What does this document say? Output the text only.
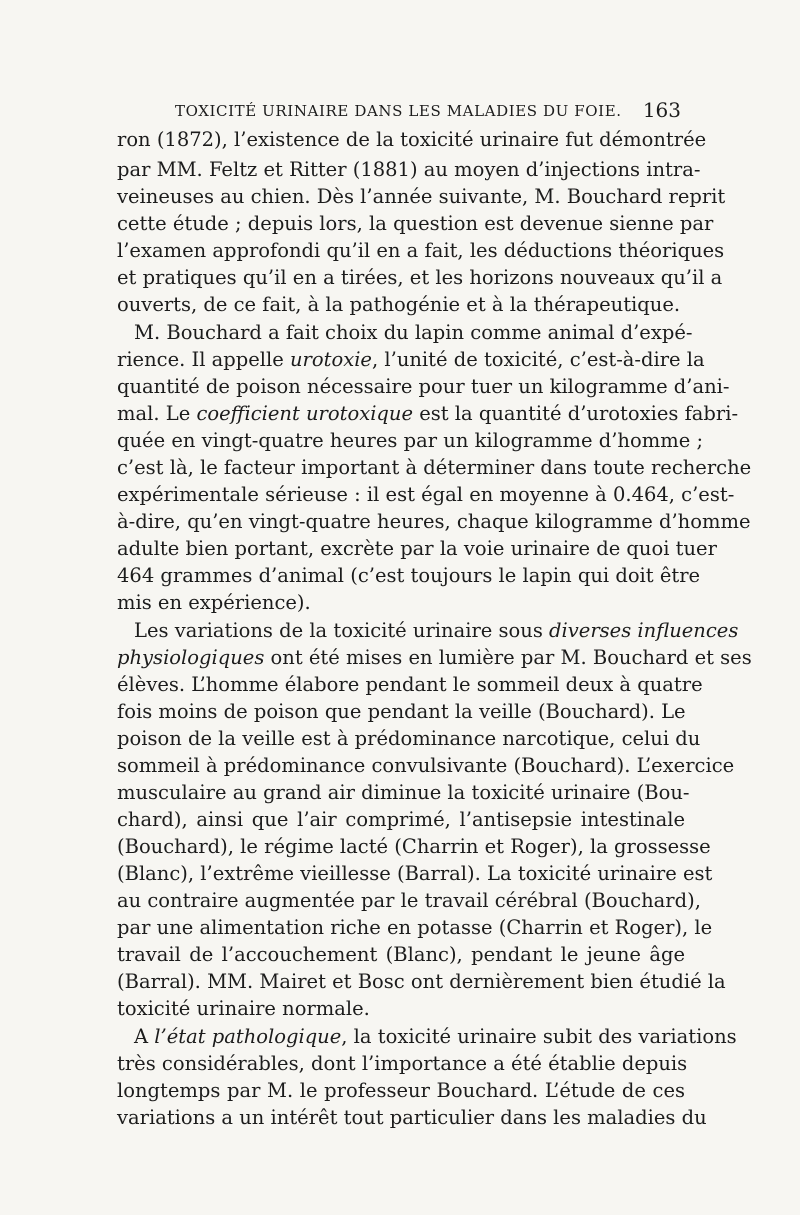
TOXICITÉ URINAIRE DANS LES MALADIES DU FOIE. 163
ron (1872), l’existence de la toxicité urinaire fut démontrée
par MM. Feltz et Ritter (1881) au moyen d’injections intra-
veineuses au chien. Dès l’année suivante, M. Bouchard reprit
cette étude ; depuis lors, la question est devenue sienne par
l’examen approfondi qu’il en a fait, les déductions théoriques
et pratiques qu’il en a tirées, et les horizons nouveaux qu’il a
ouverts, de ce fait, à la pathogénie et à la thérapeutique.
M. Bouchard a fait choix du lapin comme animal d’expé-
rience. Il appelle urotoxie, l’unité de toxicité, c’est-à-dire la
quantité de poison nécessaire pour tuer un kilogramme d’ani-
mal. Le coefficient urotoxique est la quantité d’urotoxies fabri-
quée en vingt-quatre heures par un kilogramme d’homme ;
c’est là, le facteur important à déterminer dans toute recherche
expérimentale sérieuse : il est égal en moyenne à 0.464, c’est-
à-dire, qu’en vingt-quatre heures, chaque kilogramme d’homme
adulte bien portant, excrète par la voie urinaire de quoi tuer
464 grammes d’animal (c’est toujours le lapin qui doit être
mis en expérience).
Les variations de la toxicité urinaire sous diverses influences
physiologiques ont été mises en lumière par M. Bouchard et ses
élèves. L’homme élabore pendant le sommeil deux à quatre
fois moins de poison que pendant la veille (Bouchard). Le
poison de la veille est à prédominance narcotique, celui du
sommeil à prédominance convulsivante (Bouchard). L’exercice
musculaire au grand air diminue la toxicité urinaire (Bou-
chard), ainsi que l’air comprimé, l’antisepsie intestinale
(Bouchard), le régime lacté (Charrin et Roger), la grossesse
(Blanc), l’extrême vieillesse (Barral). La toxicité urinaire est
au contraire augmentée par le travail cérébral (Bouchard),
par une alimentation riche en potasse (Charrin et Roger), le
travail de l’accouchement (Blanc), pendant le jeune âge
(Barral). MM. Mairet et Bosc ont dernièrement bien étudié la
toxicité urinaire normale.
A l’état pathologique, la toxicité urinaire subit des variations
très considérables, dont l’importance a été établie depuis
longtemps par M. le professeur Bouchard. L’étude de ces
variations a un intérêt tout particulier dans les maladies du
